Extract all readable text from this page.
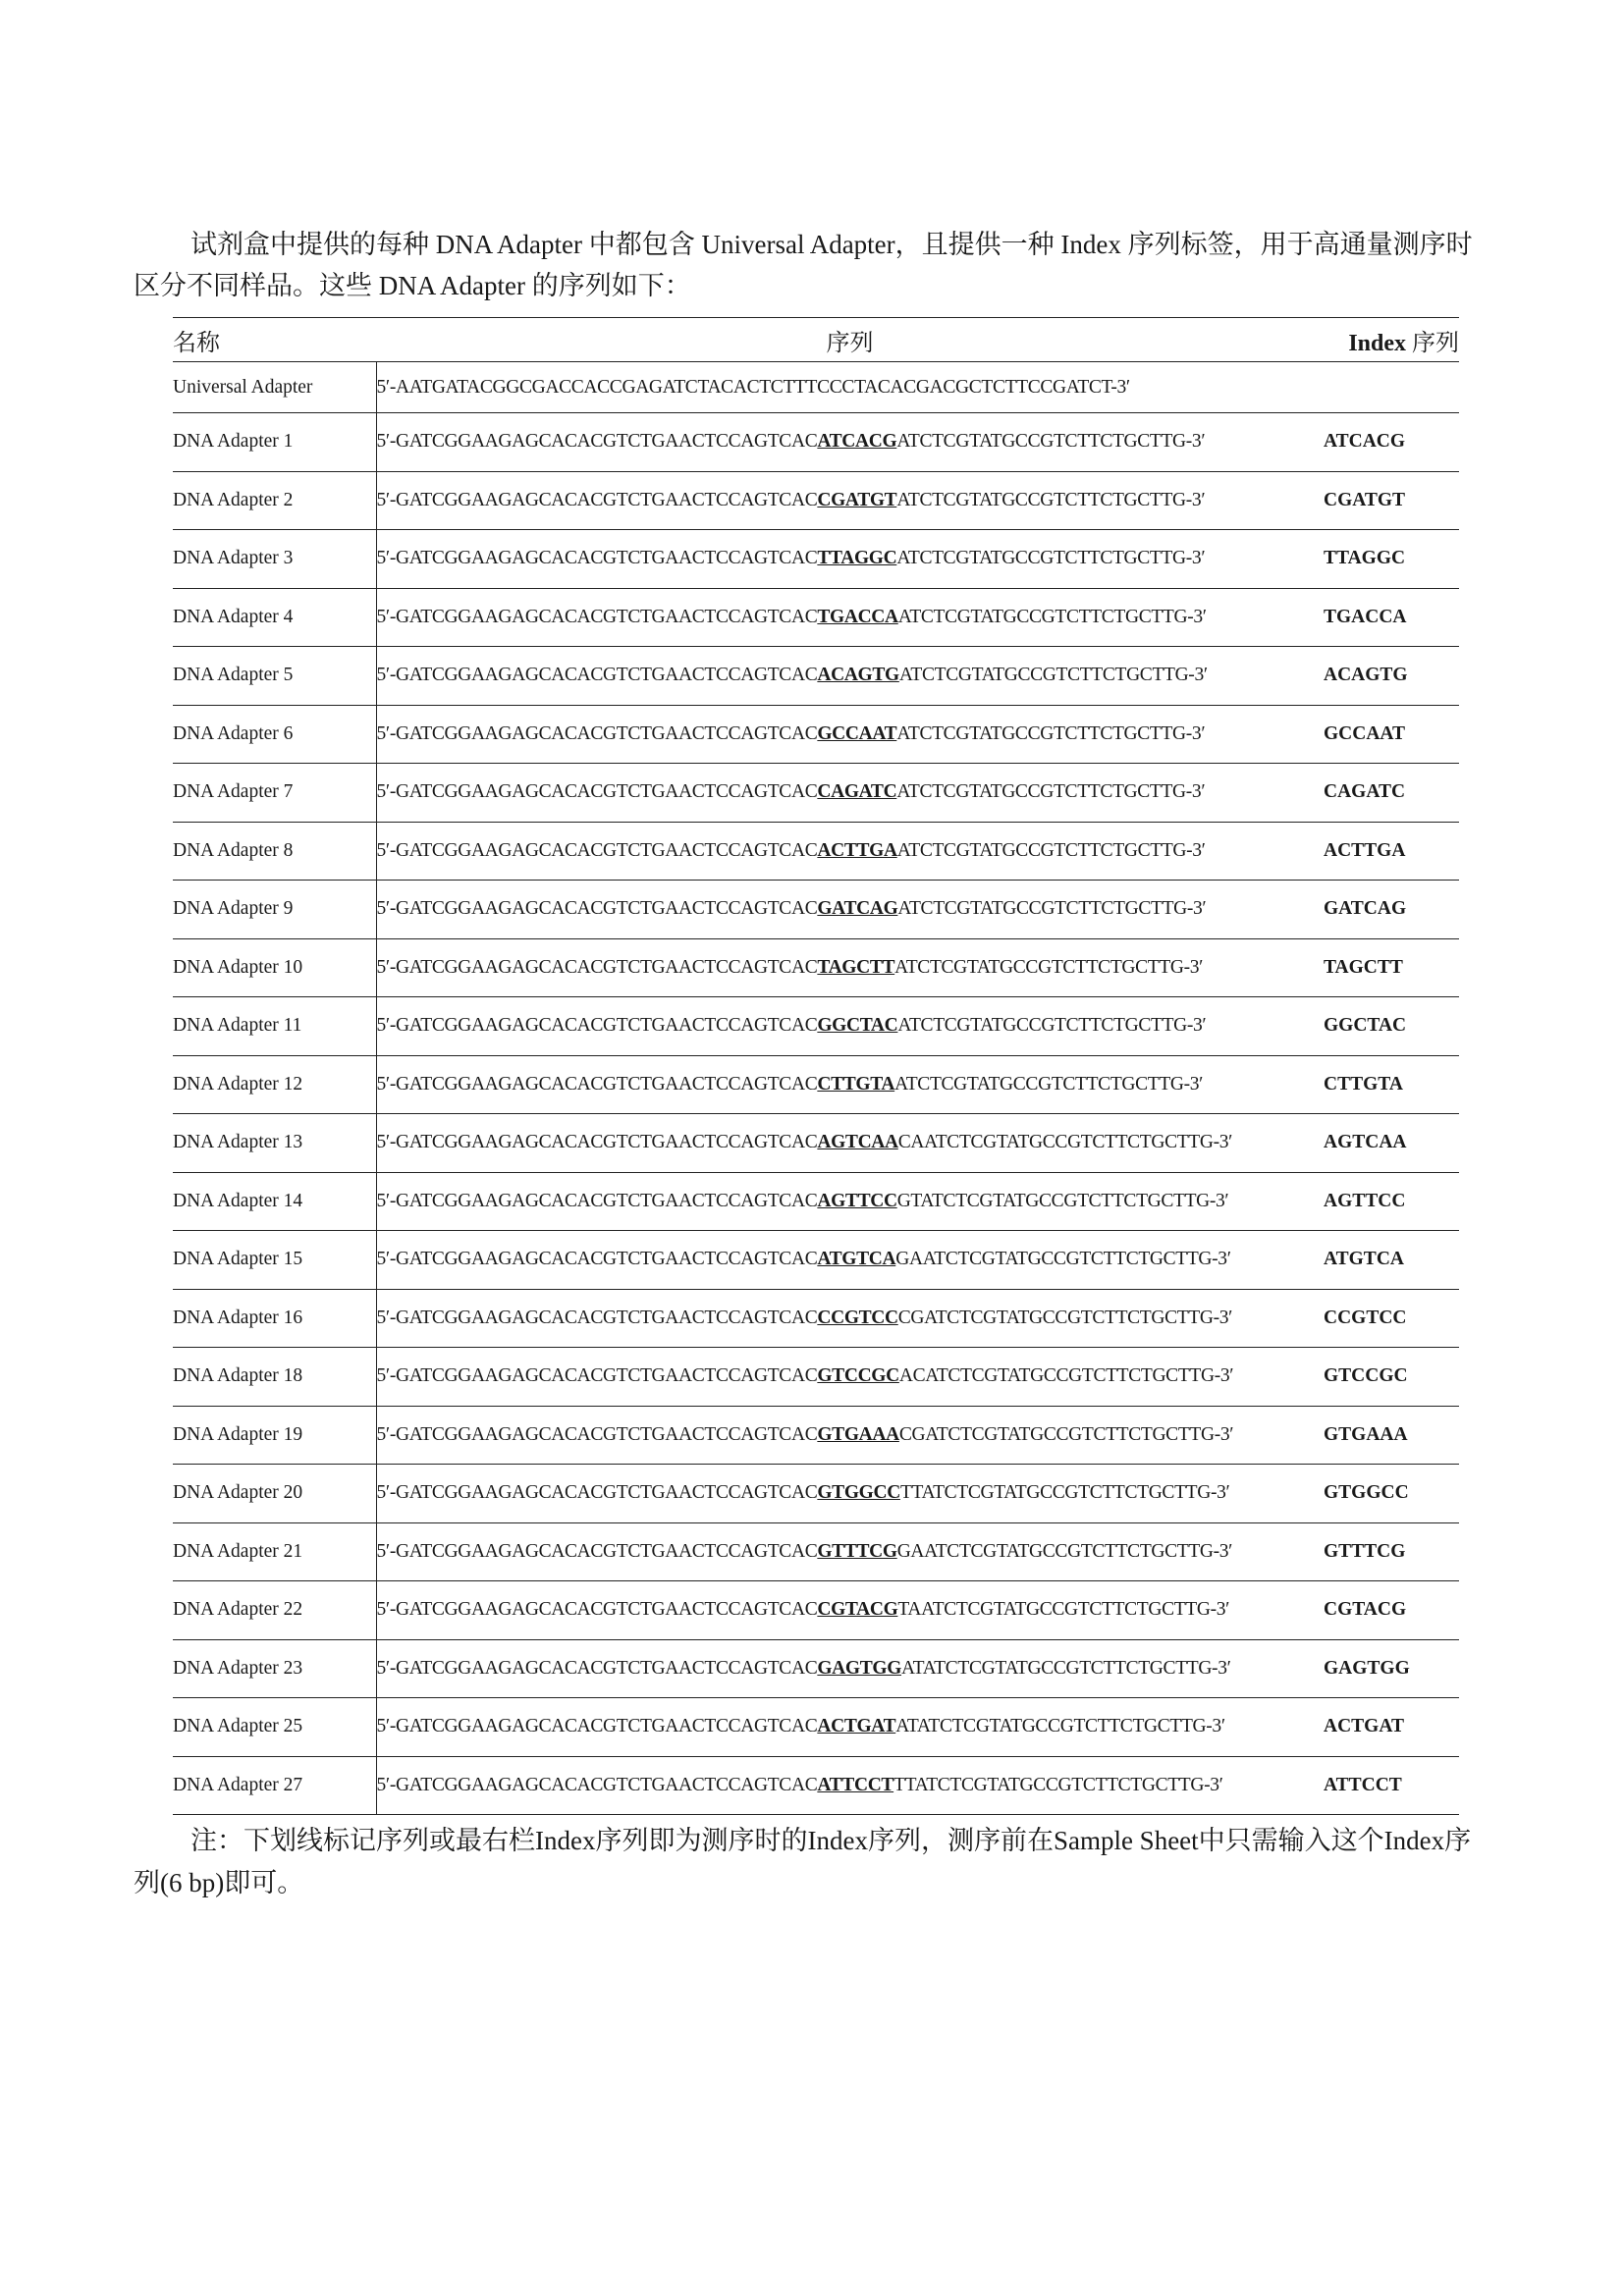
试剂盒中提供的每种 DNA Adapter 中都包含 Universal Adapter，且提供一种 Index 序列标签，用于高通量测序时区分不同样品。这些 DNA Adapter 的序列如下：

名称	序列	Index 序列
Universal Adapter	5′-AATGATACGGCGACCACCGAGATCTACACTCTTTCCCTACACGACGCTCTTCCGATCT-3′	
DNA Adapter 1	5′-GATCGGAAGAGCACACGTCTGAACTCCAGTCACATCACGATCTCGTATGCCGTCTTCTGCTTG-3′	ATCACG
DNA Adapter 2	5′-GATCGGAAGAGCACACGTCTGAACTCCAGTCACCGATGTATCTCGTATGCCGTCTTCTGCTTG-3′	CGATGT
DNA Adapter 3	5′-GATCGGAAGAGCACACGTCTGAACTCCAGTCACTTAGGCATCTCGTATGCCGTCTTCTGCTTG-3′	TTAGGC
DNA Adapter 4	5′-GATCGGAAGAGCACACGTCTGAACTCCAGTCACTGACCAATCTCGTATGCCGTCTTCTGCTTG-3′	TGACCA
DNA Adapter 5	5′-GATCGGAAGAGCACACGTCTGAACTCCAGTCACACAGTGATCTCGTATGCCGTCTTCTGCTTG-3′	ACAGTG
DNA Adapter 6	5′-GATCGGAAGAGCACACGTCTGAACTCCAGTCACGCCAATATCTCGTATGCCGTCTTCTGCTTG-3′	GCCAAT
DNA Adapter 7	5′-GATCGGAAGAGCACACGTCTGAACTCCAGTCACCAGATCATCTCGTATGCCGTCTTCTGCTTG-3′	CAGATC
DNA Adapter 8	5′-GATCGGAAGAGCACACGTCTGAACTCCAGTCACACTTGAATCTCGTATGCCGTCTTCTGCTTG-3′	ACTTGA
DNA Adapter 9	5′-GATCGGAAGAGCACACGTCTGAACTCCAGTCACGATCAGATCTCGTATGCCGTCTTCTGCTTG-3′	GATCAG
DNA Adapter 10	5′-GATCGGAAGAGCACACGTCTGAACTCCAGTCACTAGCTTATCTCGTATGCCGTCTTCTGCTTG-3′	TAGCTT
DNA Adapter 11	5′-GATCGGAAGAGCACACGTCTGAACTCCAGTCACGGCTACATCTCGTATGCCGTCTTCTGCTTG-3′	GGCTAC
DNA Adapter 12	5′-GATCGGAAGAGCACACGTCTGAACTCCAGTCACCTTGTAATCTCGTATGCCGTCTTCTGCTTG-3′	CTTGTA
DNA Adapter 13	5′-GATCGGAAGAGCACACGTCTGAACTCCAGTCACAGTCAACAATCTCGTATGCCGTCTTCTGCTTG-3′	AGTCAA
DNA Adapter 14	5′-GATCGGAAGAGCACACGTCTGAACTCCAGTCACAGTTCCGTATCTCGTATGCCGTCTTCTGCTTG-3′	AGTTCC
DNA Adapter 15	5′-GATCGGAAGAGCACACGTCTGAACTCCAGTCACATGTCAGAATCTCGTATGCCGTCTTCTGCTTG-3′	ATGTCA
DNA Adapter 16	5′-GATCGGAAGAGCACACGTCTGAACTCCAGTCACCCGTCCCGATCTCGTATGCCGTCTTCTGCTTG-3′	CCGTCC
DNA Adapter 18	5′-GATCGGAAGAGCACACGTCTGAACTCCAGTCACGTCCGCACATCTCGTATGCCGTCTTCTGCTTG-3′	GTCCGC
DNA Adapter 19	5′-GATCGGAAGAGCACACGTCTGAACTCCAGTCACGTGAAACGATCTCGTATGCCGTCTTCTGCTTG-3′	GTGAAA
DNA Adapter 20	5′-GATCGGAAGAGCACACGTCTGAACTCCAGTCACGTGGCCTTATCTCGTATGCCGTCTTCTGCTTG-3′	GTGGCC
DNA Adapter 21	5′-GATCGGAAGAGCACACGTCTGAACTCCAGTCACGTTTCGGAATCTCGTATGCCGTCTTCTGCTTG-3′	GTTTCG
DNA Adapter 22	5′-GATCGGAAGAGCACACGTCTGAACTCCAGTCACCGTACGTAATCTCGTATGCCGTCTTCTGCTTG-3′	CGTACG
DNA Adapter 23	5′-GATCGGAAGAGCACACGTCTGAACTCCAGTCACGAGTGGATATCTCGTATGCCGTCTTCTGCTTG-3′	GAGTGG
DNA Adapter 25	5′-GATCGGAAGAGCACACGTCTGAACTCCAGTCACACTGATATATCTCGTATGCCGTCTTCTGCTTG-3′	ACTGAT
DNA Adapter 27	5′-GATCGGAAGAGCACACGTCTGAACTCCAGTCACATTCCTTTATCTCGTATGCCGTCTTCTGCTTG-3′	ATTCCT

注：下划线标记序列或最右栏Index序列即为测序时的Index序列，测序前在Sample Sheet中只需输入这个Index序列(6 bp)即可。
